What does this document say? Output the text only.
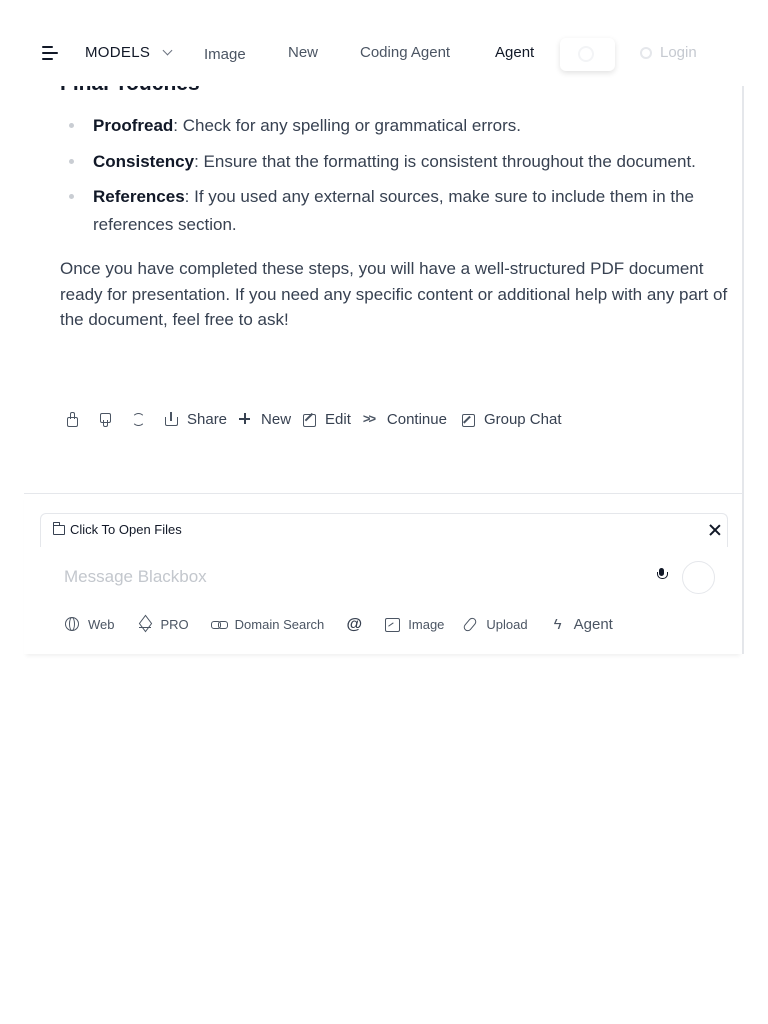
MODELS	Image	New	Coding Agent	Agent	Login
Proofread: Check for any spelling or grammatical errors.
Consistency: Ensure that the formatting is consistent throughout the document.
References: If you used any external sources, make sure to include them in the references section.

Once you have completed these steps, you will have a well-structured PDF document ready for presentation. If you need any specific content or additional help with any part of the document, feel free to ask!

Share New Edit >> Continue Group Chat
Click To Open Files
Message Blackbox
Web	PRO	Domain Search @	Image	Upload ϟ Agent
